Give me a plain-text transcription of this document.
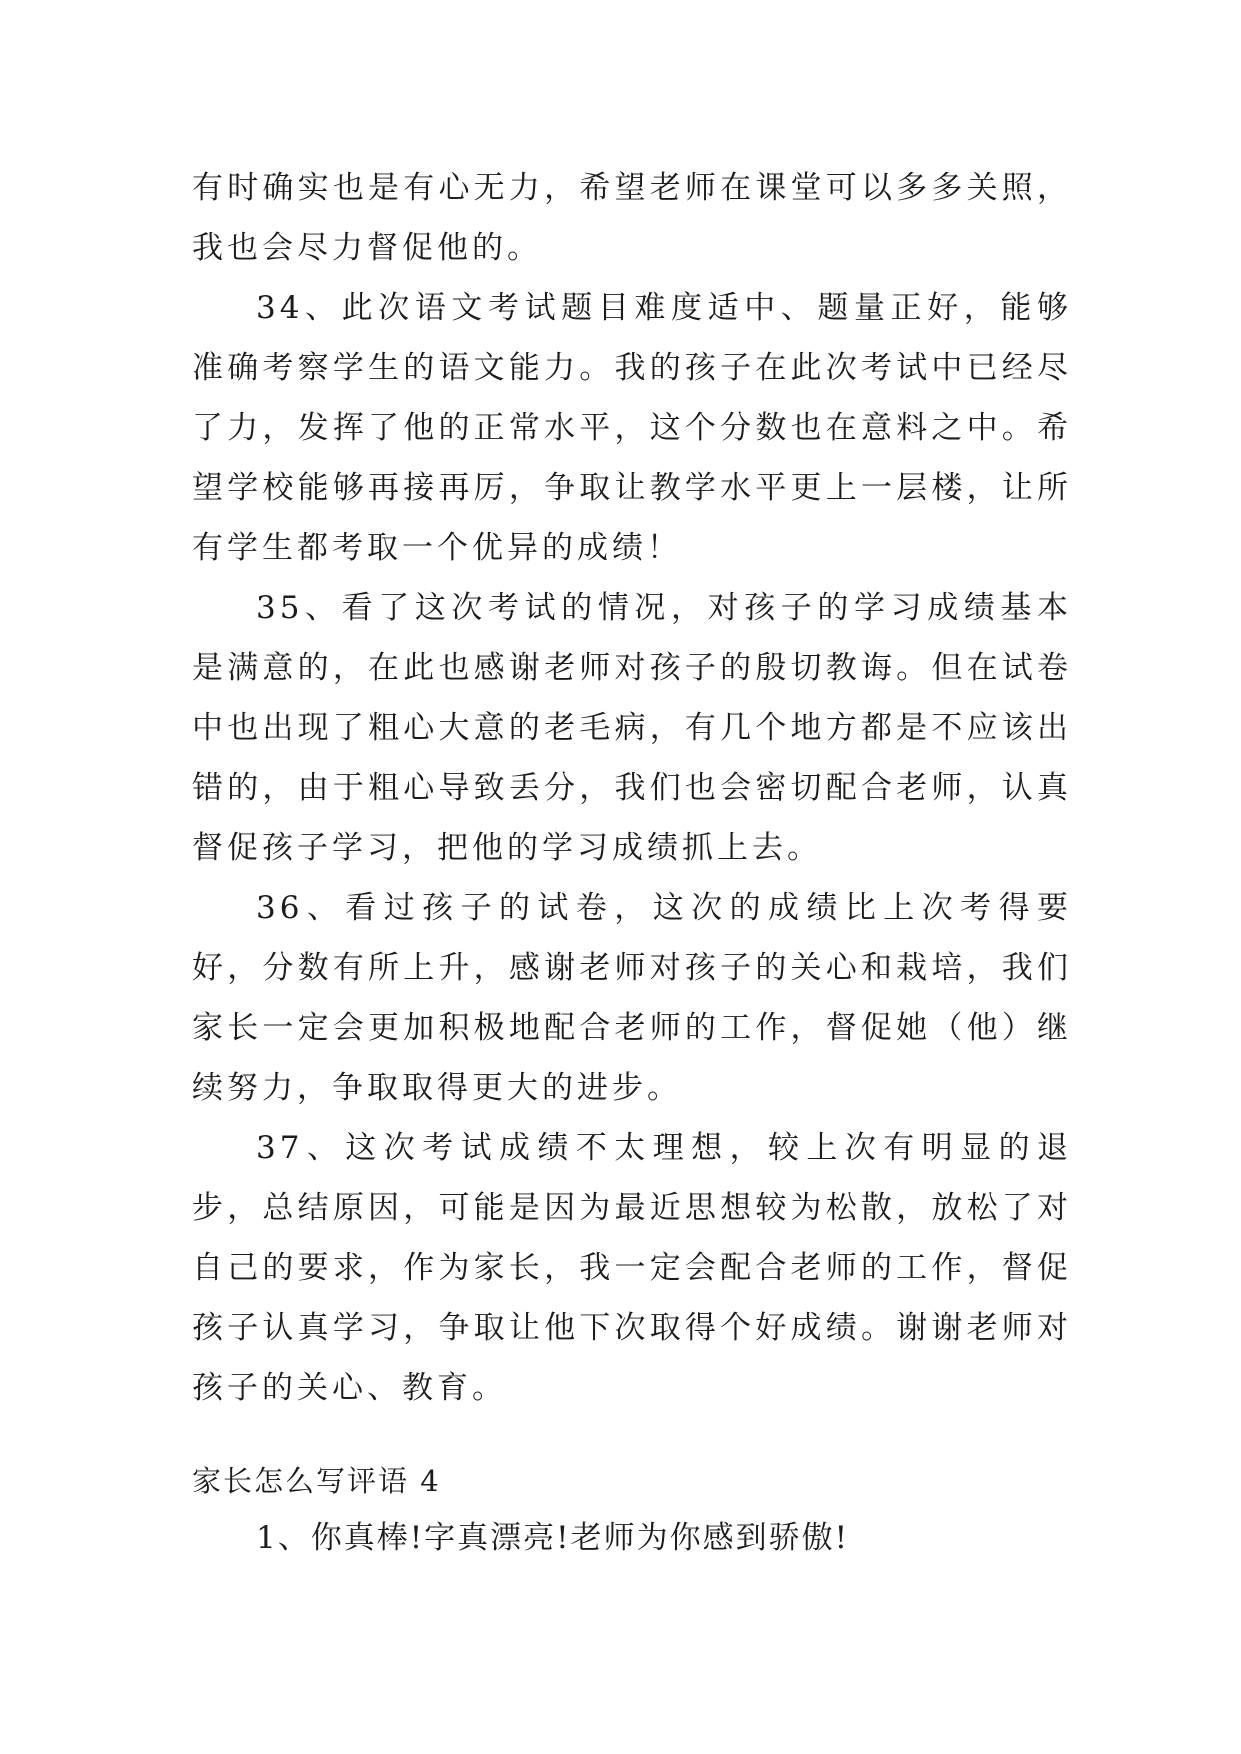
有时确实也是有心无力，希望老师在课堂可以多多关照，我也会尽力督促他的。

34、此次语文考试题目难度适中、题量正好，能够准确考察学生的语文能力。我的孩子在此次考试中已经尽了力，发挥了他的正常水平，这个分数也在意料之中。希望学校能够再接再厉，争取让教学水平更上一层楼，让所有学生都考取一个优异的成绩！

35、看了这次考试的情况，对孩子的学习成绩基本是满意的，在此也感谢老师对孩子的殷切教诲。但在试卷中也出现了粗心大意的老毛病，有几个地方都是不应该出错的，由于粗心导致丢分，我们也会密切配合老师，认真督促孩子学习，把他的学习成绩抓上去。

36、看过孩子的试卷，这次的成绩比上次考得要好，分数有所上升，感谢老师对孩子的关心和栽培，我们家长一定会更加积极地配合老师的工作，督促她（他）继续努力，争取取得更大的进步。

37、这次考试成绩不太理想，较上次有明显的退步，总结原因，可能是因为最近思想较为松散，放松了对自己的要求，作为家长，我一定会配合老师的工作，督促孩子认真学习，争取让他下次取得个好成绩。谢谢老师对孩子的关心、教育。

家长怎么写评语 4

1、你真棒!字真漂亮!老师为你感到骄傲!
